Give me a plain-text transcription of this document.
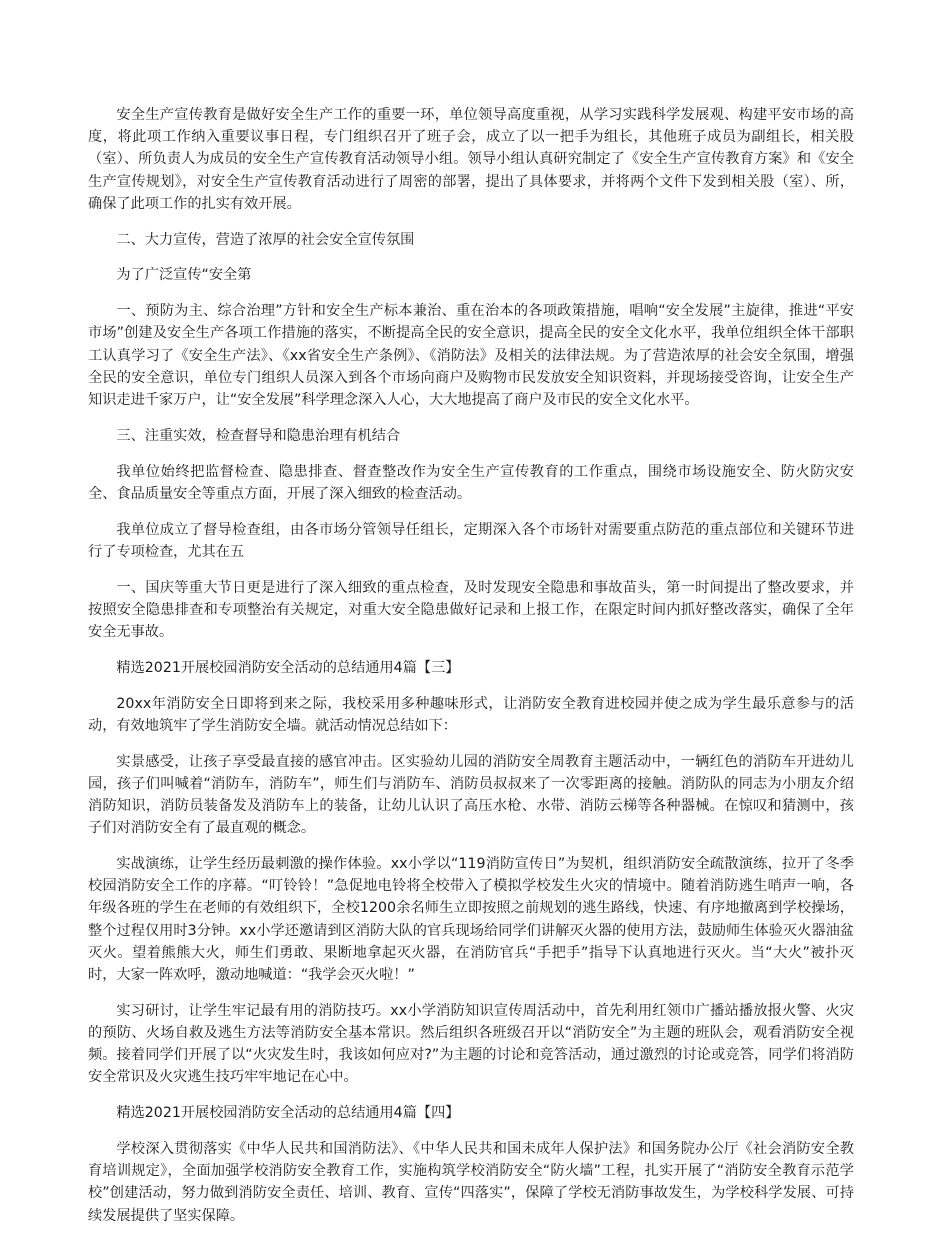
安全生产宣传教育是做好安全生产工作的重要一环，单位领导高度重视，从学习实践科学发展观、构建平安市场的高度，将此项工作纳入重要议事日程，专门组织召开了班子会，成立了以一把手为组长，其他班子成员为副组长，相关股（室）、所负责人为成员的安全生产宣传教育活动领导小组。领导小组认真研究制定了《安全生产宣传教育方案》和《安全生产宣传规划》，对安全生产宣传教育活动进行了周密的部署，提出了具体要求，并将两个文件下发到相关股（室）、所，确保了此项工作的扎实有效开展。

二、大力宣传，营造了浓厚的社会安全宣传氛围

为了广泛宣传“安全第

一、预防为主、综合治理”方针和安全生产标本兼治、重在治本的各项政策措施，唱响“安全发展”主旋律，推进“平安市场”创建及安全生产各项工作措施的落实，不断提高全民的安全意识，提高全民的安全文化水平，我单位组织全体干部职工认真学习了《安全生产法》、《xx省安全生产条例》、《消防法》及相关的法律法规。为了营造浓厚的社会安全氛围，增强全民的安全意识，单位专门组织人员深入到各个市场向商户及购物市民发放安全知识资料，并现场接受咨询，让安全生产知识走进千家万户，让“安全发展”科学理念深入人心，大大地提高了商户及市民的安全文化水平。

三、注重实效，检查督导和隐患治理有机结合

我单位始终把监督检查、隐患排查、督查整改作为安全生产宣传教育的工作重点，围绕市场设施安全、防火防灾安全、食品质量安全等重点方面，开展了深入细致的检查活动。

我单位成立了督导检查组，由各市场分管领导任组长，定期深入各个市场针对需要重点防范的重点部位和关键环节进行了专项检查，尤其在五

一、国庆等重大节日更是进行了深入细致的重点检查，及时发现安全隐患和事故苗头，第一时间提出了整改要求，并按照安全隐患排查和专项整治有关规定，对重大安全隐患做好记录和上报工作，在限定时间内抓好整改落实，确保了全年安全无事故。

精选2021开展校园消防安全活动的总结通用4篇【三】

20xx年消防安全日即将到来之际，我校采用多种趣味形式，让消防安全教育进校园并使之成为学生最乐意参与的活动，有效地筑牢了学生消防安全墙。就活动情况总结如下：

实景感受，让孩子享受最直接的感官冲击。区实验幼儿园的消防安全周教育主题活动中，一辆红色的消防车开进幼儿园，孩子们叫喊着“消防车，消防车”，师生们与消防车、消防员叔叔来了一次零距离的接触。消防队的同志为小朋友介绍消防知识，消防员装备发及消防车上的装备，让幼儿认识了高压水枪、水带、消防云梯等各种器械。在惊叹和猜测中，孩子们对消防安全有了最直观的概念。

实战演练，让学生经历最刺激的操作体验。xx小学以“119消防宣传日”为契机，组织消防安全疏散演练，拉开了冬季校园消防安全工作的序幕。“叮铃铃！”急促地电铃将全校带入了模拟学校发生火灾的情境中。随着消防逃生哨声一响，各年级各班的学生在老师的有效组织下，全校1200余名师生立即按照之前规划的逃生路线，快速、有序地撤离到学校操场，整个过程仅用时3分钟。xx小学还邀请到区消防大队的官兵现场给同学们讲解灭火器的使用方法，鼓励师生体验灭火器油盆灭火。望着熊熊大火，师生们勇敢、果断地拿起灭火器，在消防官兵“手把手”指导下认真地进行灭火。当“大火”被扑灭时，大家一阵欢呼，激动地喊道：“我学会灭火啦！”

实习研讨，让学生牢记最有用的消防技巧。xx小学消防知识宣传周活动中，首先利用红领巾广播站播放报火警、火灾的预防、火场自救及逃生方法等消防安全基本常识。然后组织各班级召开以“消防安全”为主题的班队会，观看消防安全视频。接着同学们开展了以“火灾发生时，我该如何应对?”为主题的讨论和竞答活动，通过激烈的讨论或竞答，同学们将消防安全常识及火灾逃生技巧牢牢地记在心中。

精选2021开展校园消防安全活动的总结通用4篇【四】

学校深入贯彻落实《中华人民共和国消防法》、《中华人民共和国未成年人保护法》和国务院办公厅《社会消防安全教育培训规定》，全面加强学校消防安全教育工作，实施构筑学校消防安全“防火墙”工程，扎实开展了“消防安全教育示范学校”创建活动，努力做到消防安全责任、培训、教育、宣传“四落实”，保障了学校无消防事故发生，为学校科学发展、可持续发展提供了坚实保障。
